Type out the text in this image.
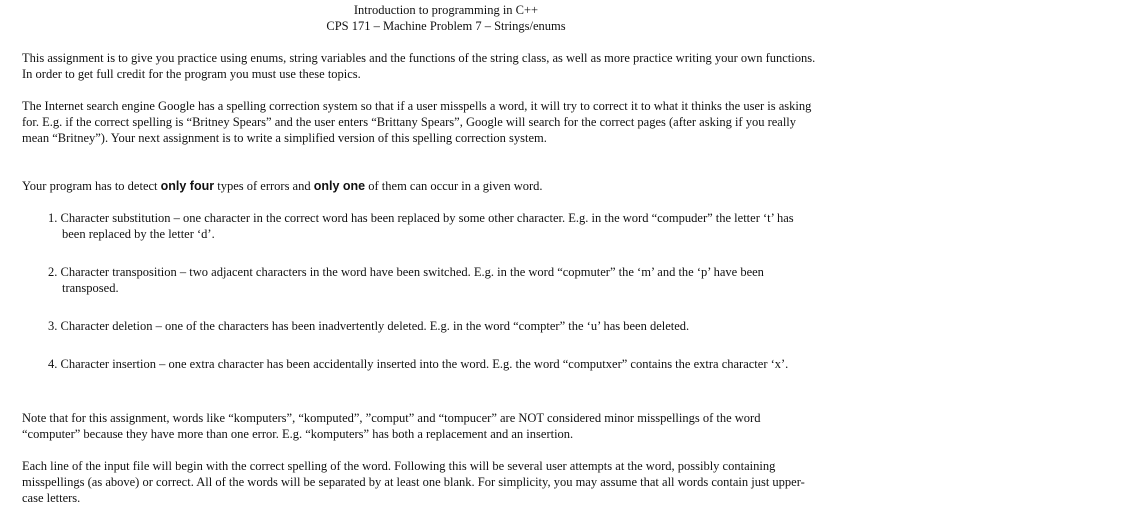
Introduction to programming in C++
CPS 171 – Machine Problem 7 – Strings/enums
This assignment is to give you practice using enums, string variables and the functions of the string class, as well as more practice writing your own functions.
In order to get full credit for the program you must use these topics.
The Internet search engine Google has a spelling correction system so that if a user misspells a word, it will try to correct it to what it thinks the user is asking
for. E.g. if the correct spelling is “Britney Spears” and the user enters “Brittany Spears”, Google will search for the correct pages (after asking if you really
mean “Britney”). Your next assignment is to write a simplified version of this spelling correction system.
Your program has to detect only four types of errors and only one of them can occur in a given word.
1. Character substitution – one character in the correct word has been replaced by some other character. E.g. in the word “compuder” the letter ‘t’ has
been replaced by the letter ‘d’.
2. Character transposition – two adjacent characters in the word have been switched. E.g. in the word “copmuter” the ‘m’ and the ‘p’ have been
transposed.
3. Character deletion – one of the characters has been inadvertently deleted. E.g. in the word “compter” the ‘u’ has been deleted.
4. Character insertion – one extra character has been accidentally inserted into the word. E.g. the word “computxer” contains the extra character ‘x’.
Note that for this assignment, words like “komputers”, “komputed”, ”comput” and “tompucer” are NOT considered minor misspellings of the word
“computer” because they have more than one error. E.g. “komputers” has both a replacement and an insertion.
Each line of the input file will begin with the correct spelling of the word. Following this will be several user attempts at the word, possibly containing
misspellings (as above) or correct. All of the words will be separated by at least one blank. For simplicity, you may assume that all words contain just upper-
case letters.
